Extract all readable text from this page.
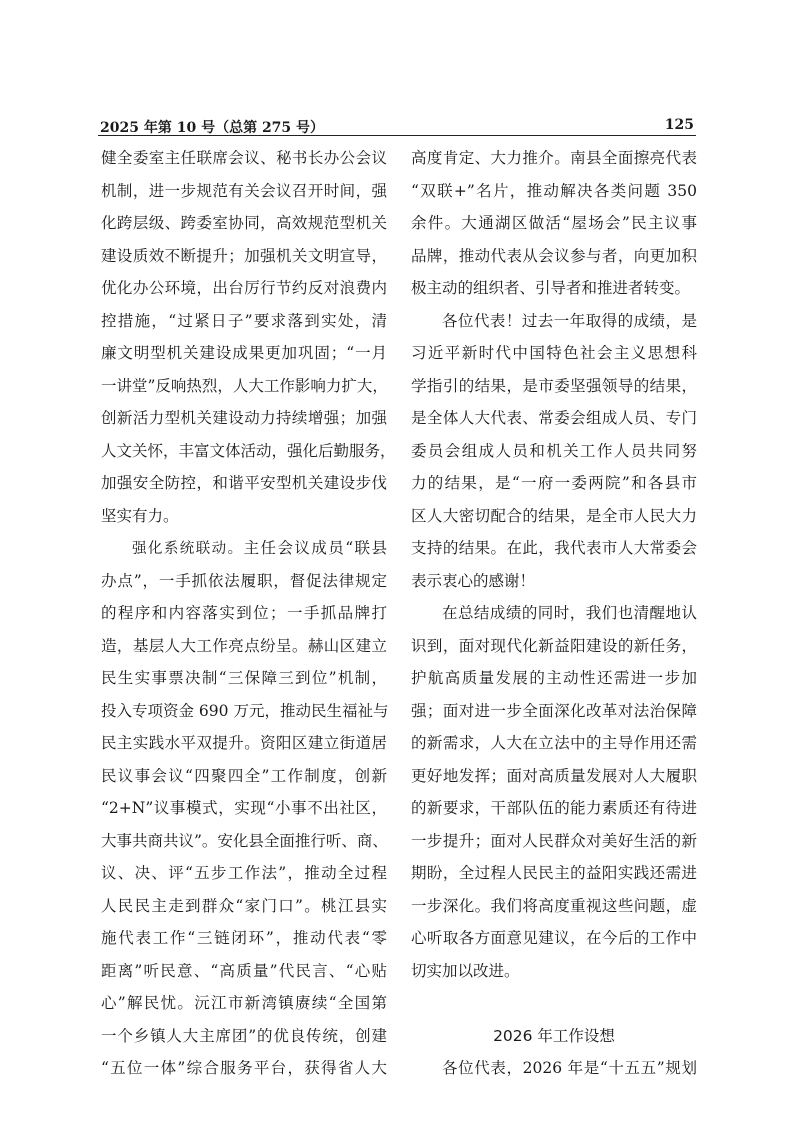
2025 年第 10 号（总第 275 号）	125
健全委室主任联席会议、秘书长办公会议
机制，进一步规范有关会议召开时间，强
化跨层级、跨委室协同，高效规范型机关
建设质效不断提升；加强机关文明宣导，
优化办公环境，出台厉行节约反对浪费内
控措施，“过紧日子”要求落到实处，清
廉文明型机关建设成果更加巩固；“一月
一讲堂”反响热烈，人大工作影响力扩大，
创新活力型机关建设动力持续增强；加强
人文关怀，丰富文体活动，强化后勤服务，
加强安全防控，和谐平安型机关建设步伐
坚实有力。
强化系统联动。主任会议成员“联县
办点”，一手抓依法履职，督促法律规定
的程序和内容落实到位；一手抓品牌打
造，基层人大工作亮点纷呈。赫山区建立
民生实事票决制“三保障三到位”机制，
投入专项资金 690 万元，推动民生福祉与
民主实践水平双提升。资阳区建立街道居
民议事会议“四聚四全”工作制度，创新
“2+N”议事模式，实现“小事不出社区，
大事共商共议”。安化县全面推行听、商、
议、决、评“五步工作法”，推动全过程
人民民主走到群众“家门口”。桃江县实
施代表工作“三链闭环”，推动代表“零
距离”听民意、“高质量”代民言、“心贴
心”解民忧。沅江市新湾镇赓续“全国第
一个乡镇人大主席团”的优良传统，创建
“五位一体”综合服务平台，获得省人大
高度肯定、大力推介。南县全面擦亮代表
“双联+”名片，推动解决各类问题 350
余件。大通湖区做活“屋场会”民主议事
品牌，推动代表从会议参与者，向更加积
极主动的组织者、引导者和推进者转变。
各位代表！过去一年取得的成绩，是
习近平新时代中国特色社会主义思想科
学指引的结果，是市委坚强领导的结果，
是全体人大代表、常委会组成人员、专门
委员会组成人员和机关工作人员共同努
力的结果，是“一府一委两院”和各县市
区人大密切配合的结果，是全市人民大力
支持的结果。在此，我代表市人大常委会
表示衷心的感谢！
在总结成绩的同时，我们也清醒地认
识到，面对现代化新益阳建设的新任务，
护航高质量发展的主动性还需进一步加
强；面对进一步全面深化改革对法治保障
的新需求，人大在立法中的主导作用还需
更好地发挥；面对高质量发展对人大履职
的新要求，干部队伍的能力素质还有待进
一步提升；面对人民群众对美好生活的新
期盼，全过程人民民主的益阳实践还需进
一步深化。我们将高度重视这些问题，虚
心听取各方面意见建议，在今后的工作中
切实加以改进。
2026 年工作设想
各位代表，2026 年是“十五五”规划
